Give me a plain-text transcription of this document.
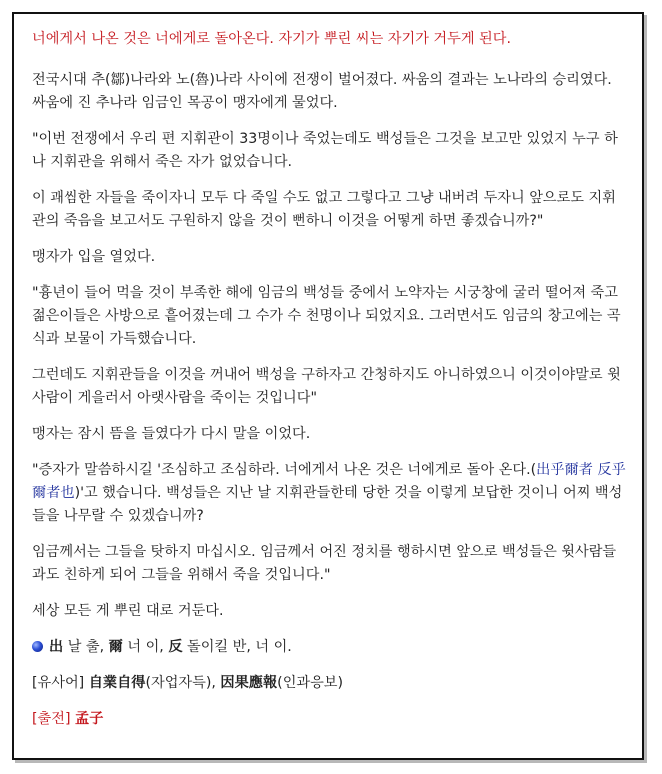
너에게서 나온 것은 너에게로 돌아온다. 자기가 뿌린 씨는 자기가 거두게 된다.
전국시대 추(鄒)나라와 노(魯)나라 사이에 전쟁이 벌어졌다. 싸움의 결과는 노나라의 승리였다. 싸움에 진 추나라 임금인 목공이 맹자에게 물었다.
"이번 전쟁에서 우리 편 지휘관이 33명이나 죽었는데도 백성들은 그것을 보고만 있었지 누구 하나 지휘관을 위해서 죽은 자가 없었습니다.
이 괘씸한 자들을 죽이자니 모두 다 죽일 수도 없고 그렇다고 그냥 내버려 두자니 앞으로도 지휘관의 죽음을 보고서도 구원하지 않을 것이 뻔하니 이것을 어떻게 하면 좋겠습니까?"
맹자가 입을 열었다.
"흉년이 들어 먹을 것이 부족한 해에 임금의 백성들 중에서 노약자는 시궁창에 굴러 떨어져 죽고 젊은이들은 사방으로 흩어졌는데 그 수가 수 천명이나 되었지요. 그러면서도 임금의 창고에는 곡식과 보물이 가득했습니다.
그런데도 지휘관들을 이것을 꺼내어 백성을 구하자고 간청하지도 아니하였으니 이것이야말로 윗사람이 게을러서 아랫사람을 죽이는 것입니다"
맹자는 잠시 뜸을 들였다가 다시 말을 이었다.
"증자가 말씀하시길 '조심하고 조심하라. 너에게서 나온 것은 너에게로 돌아 온다.(出乎爾者 反乎爾者也)'고 했습니다. 백성들은 지난 날 지휘관들한테 당한 것을 이렇게 보답한 것이니 어찌 백성들을 나무랄 수 있겠습니까?
임금께서는 그들을 탓하지 마십시오. 임금께서 어진 정치를 행하시면 앞으로 백성들은 윗사람들과도 친하게 되어 그들을 위해서 죽을 것입니다."
세상 모든 게 뿌린 대로 거둔다.
出 날 출, 爾 너 이, 反 돌이킬 반, 너 이.
[유사어] 自業自得(자업자득), 因果應報(인과응보)
[출전] 孟子
